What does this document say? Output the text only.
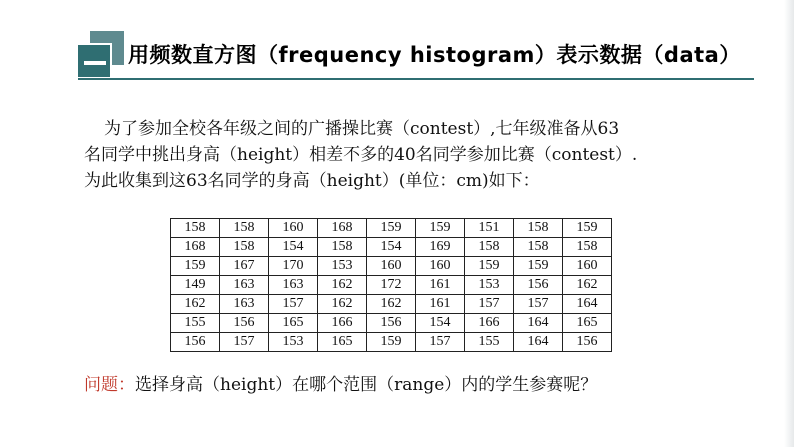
用频数直方图（frequency histogram）表示数据（data）

为了参加全校各年级之间的广播操比赛（contest）,七年级准备从63

名同学中挑出身高（height）相差不多的40名同学参加比赛（contest）.

为此收集到这63名同学的身高（height）(单位：cm)如下：

158	158	160	168	159	159	151	158	159
168	158	154	158	154	169	158	158	158
159	167	170	153	160	160	159	159	160
149	163	163	162	172	161	153	156	162
162	163	157	162	162	161	157	157	164
155	156	165	166	156	154	166	164	165
156	157	153	165	159	157	155	164	156
问题：选择身高（height）在哪个范围（range）内的学生参赛呢？
